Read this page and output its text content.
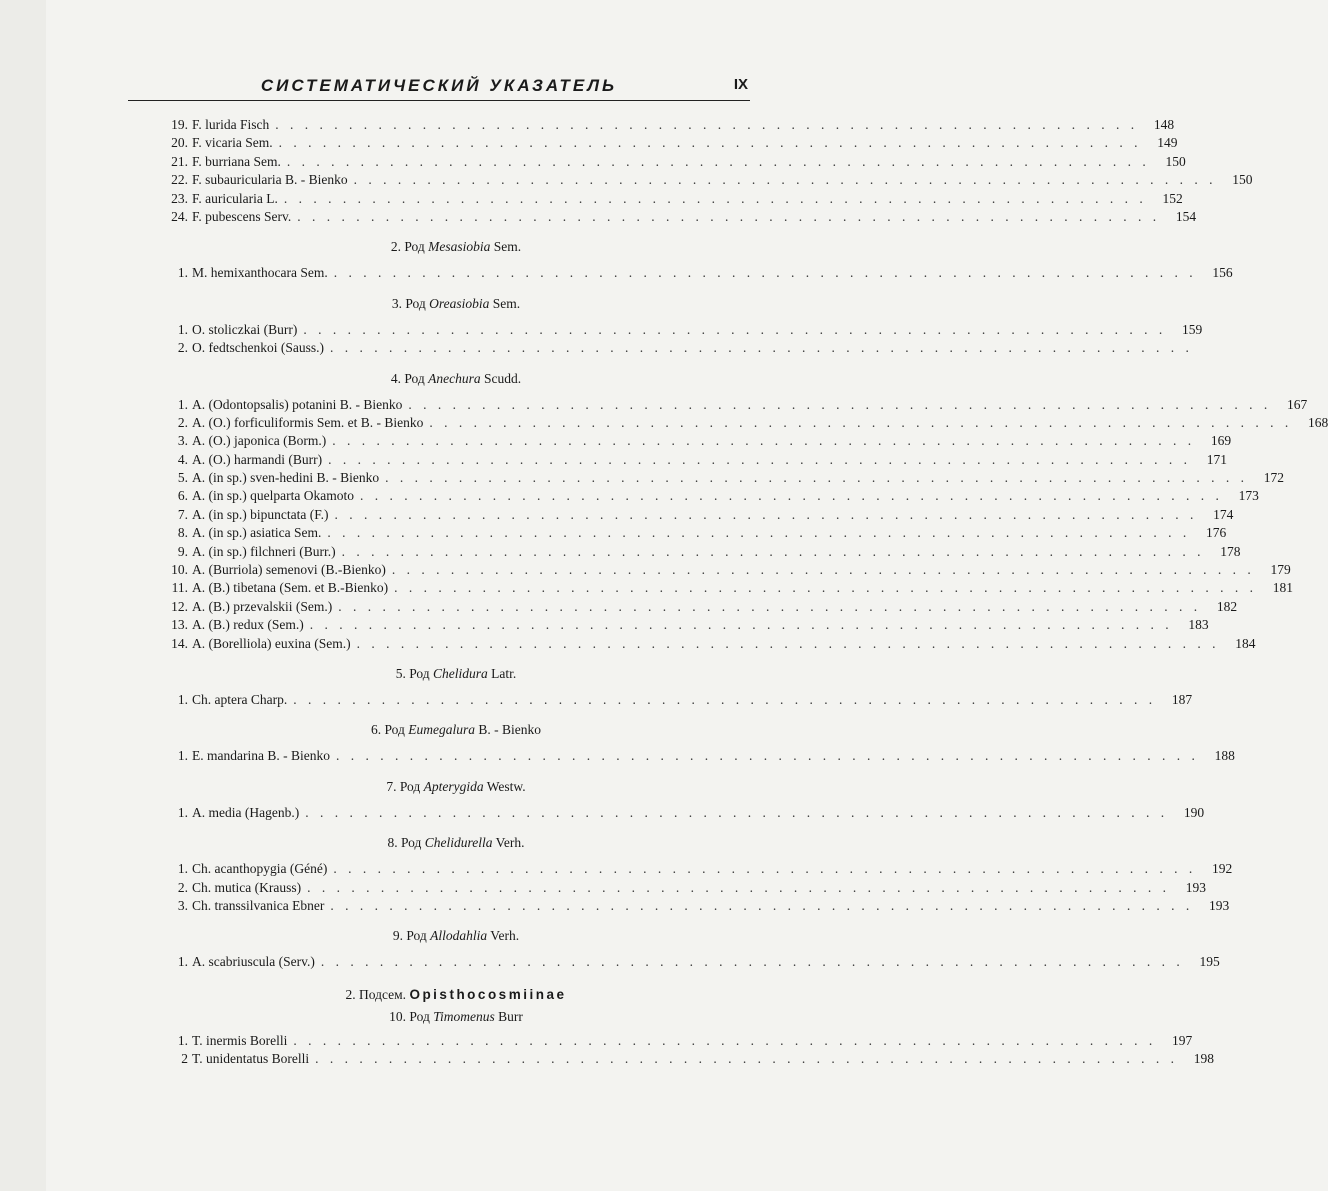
СИСТЕМАТИЧЕСКИЙ УКАЗАТЕЛЬ	IX
19. F. lurida Fisch . . . . . . . . . . . . . . . . . . . . . . . . . . . . . . . . . . . . . . . . . . . . . . . . . . . . . . . . . . .	148
20. F. vicaria Sem. . . . . . . . . . . . . . . . . . . . . . . . . . . . . . . . . . . . . . . . . . . . . . . . . . . . . . . . . . . .	149
21. F. burriana Sem. . . . . . . . . . . . . . . . . . . . . . . . . . . . . . . . . . . . . . . . . . . . . . . . . . . . . . . . . . . .	150
22. F. subauricularia B. - Bienko . . . . . . . . . . . . . . . . . . . . . . . . . . . . . . . . . . . . . . . . . . . . . . . . . . . . . . . . . . .	150
23. F. auricularia L. . . . . . . . . . . . . . . . . . . . . . . . . . . . . . . . . . . . . . . . . . . . . . . . . . . . . . . . . . . .	152
24. F. pubescens Serv. . . . . . . . . . . . . . . . . . . . . . . . . . . . . . . . . . . . . . . . . . . . . . . . . . . . . . . . . . . .	154
2. Род Mesasiobia Sem.
1. M. hemixanthocara Sem. . . . . . . . . . . . . . . . . . . . . . . . . . . . . . . . . . . . . . . . . . . . . . . . . . . . . . . . . . . .	156
3. Род Oreasiobia Sem.
1. O. stoliczkai (Burr) . . . . . . . . . . . . . . . . . . . . . . . . . . . . . . . . . . . . . . . . . . . . . . . . . . . . . . . . . . .	159
2. O. fedtschenkoi (Sauss.) . . . . . . . . . . . . . . . . . . . . . . . . . . . . . . . . . . . . . . . . . . . . . . . . . . . . . . . . . . .
4. Род Anechura Scudd.
1. A. (Odontopsalis) potanini B. - Bienko . . . . . . . . . . . . . . . . . . . . . . . . . . . . . . . . . . . . . . . . . . . . . . . . . . . . . . . . . . .	167
2. A. (O.) forficuliformis Sem. et B. - Bienko . . . . . . . . . . . . . . . . . . . . . . . . . . . . . . . . . . . . . . . . . . . . . . . . . . . . . . . . . . .	168
3. A. (O.) japonica (Borm.) . . . . . . . . . . . . . . . . . . . . . . . . . . . . . . . . . . . . . . . . . . . . . . . . . . . . . . . . . . .	169
4. A. (O.) harmandi (Burr) . . . . . . . . . . . . . . . . . . . . . . . . . . . . . . . . . . . . . . . . . . . . . . . . . . . . . . . . . . .	171
5. A. (in sp.) sven-hedini B. - Bienko . . . . . . . . . . . . . . . . . . . . . . . . . . . . . . . . . . . . . . . . . . . . . . . . . . . . . . . . . . .	172
6. A. (in sp.) quelparta Okamoto . . . . . . . . . . . . . . . . . . . . . . . . . . . . . . . . . . . . . . . . . . . . . . . . . . . . . . . . . . .	173
7. A. (in sp.) bipunctata (F.) . . . . . . . . . . . . . . . . . . . . . . . . . . . . . . . . . . . . . . . . . . . . . . . . . . . . . . . . . . .	174
8. A. (in sp.) asiatica Sem. . . . . . . . . . . . . . . . . . . . . . . . . . . . . . . . . . . . . . . . . . . . . . . . . . . . . . . . . . . .	176
9. A. (in sp.) filchneri (Burr.) . . . . . . . . . . . . . . . . . . . . . . . . . . . . . . . . . . . . . . . . . . . . . . . . . . . . . . . . . . .	178
10. A. (Burriola) semenovi (B.-Bienko) . . . . . . . . . . . . . . . . . . . . . . . . . . . . . . . . . . . . . . . . . . . . . . . . . . . . . . . . . . .	179
11. A. (B.) tibetana (Sem. et B.-Bienko) . . . . . . . . . . . . . . . . . . . . . . . . . . . . . . . . . . . . . . . . . . . . . . . . . . . . . . . . . . .	181
12. A. (B.) przevalskii (Sem.) . . . . . . . . . . . . . . . . . . . . . . . . . . . . . . . . . . . . . . . . . . . . . . . . . . . . . . . . . . .	182
13. A. (B.) redux (Sem.) . . . . . . . . . . . . . . . . . . . . . . . . . . . . . . . . . . . . . . . . . . . . . . . . . . . . . . . . . . .	183
14. A. (Borelliola) euxina (Sem.) . . . . . . . . . . . . . . . . . . . . . . . . . . . . . . . . . . . . . . . . . . . . . . . . . . . . . . . . . . .	184
5. Род Chelidura Latr.
1. Ch. aptera Charp. . . . . . . . . . . . . . . . . . . . . . . . . . . . . . . . . . . . . . . . . . . . . . . . . . . . . . . . . . . .	187
6. Род Eumegalura B. - Bienko
1. E. mandarina B. - Bienko . . . . . . . . . . . . . . . . . . . . . . . . . . . . . . . . . . . . . . . . . . . . . . . . . . . . . . . . . . .	188
7. Род Apterygida Westw.
1. A. media (Hagenb.) . . . . . . . . . . . . . . . . . . . . . . . . . . . . . . . . . . . . . . . . . . . . . . . . . . . . . . . . . . .	190
8. Род Chelidurella Verh.
1. Ch. acanthopygia (Géné) . . . . . . . . . . . . . . . . . . . . . . . . . . . . . . . . . . . . . . . . . . . . . . . . . . . . . . . . . . .	192
2. Ch. mutica (Krauss) . . . . . . . . . . . . . . . . . . . . . . . . . . . . . . . . . . . . . . . . . . . . . . . . . . . . . . . . . . .	193
3. Ch. transsilvanica Ebner . . . . . . . . . . . . . . . . . . . . . . . . . . . . . . . . . . . . . . . . . . . . . . . . . . . . . . . . . . .	193
9. Род Allodahlia Verh.
1. A. scabriuscula (Serv.) . . . . . . . . . . . . . . . . . . . . . . . . . . . . . . . . . . . . . . . . . . . . . . . . . . . . . . . . . . .	195
2. Подсем. Opisthocosmiinae
10. Род Timomenus Burr
1. T. inermis Borelli . . . . . . . . . . . . . . . . . . . . . . . . . . . . . . . . . . . . . . . . . . . . . . . . . . . . . . . . . . .	197
2 T. unidentatus Borelli . . . . . . . . . . . . . . . . . . . . . . . . . . . . . . . . . . . . . . . . . . . . . . . . . . . . . . . . . . .	198
